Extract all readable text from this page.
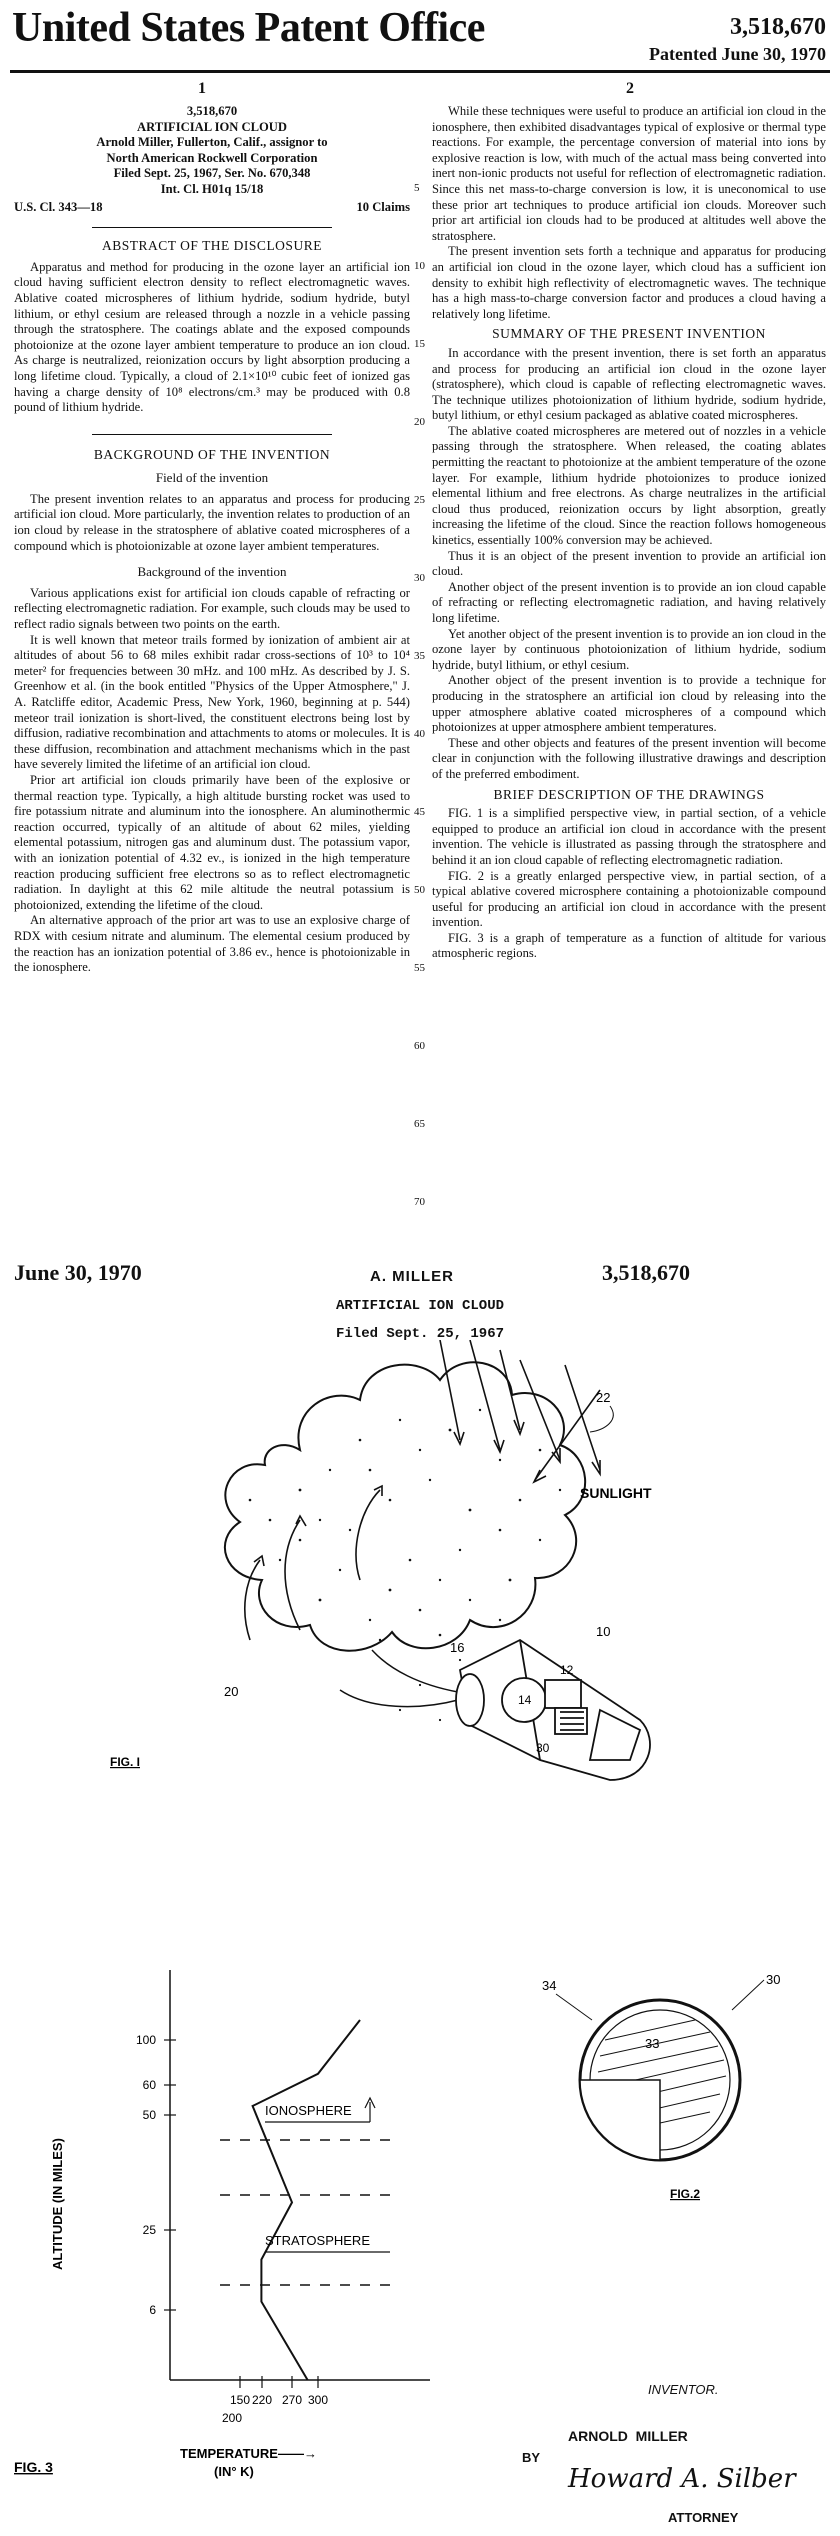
United States Patent Office	3,518,670
Patented June 30, 1970
1
3,518,670
ARTIFICIAL ION CLOUD
Arnold Miller, Fullerton, Calif., assignor to
North American Rockwell Corporation
Filed Sept. 25, 1967, Ser. No. 670,348
Int. Cl. H01q 15/18
U.S. Cl. 343—18	10 Claims
ABSTRACT OF THE DISCLOSURE

Apparatus and method for producing in the ozone layer an artificial ion cloud having sufficient electron density to reflect electromagnetic waves. Ablative coated microspheres of lithium hydride, sodium hydride, butyl lithium, or ethyl cesium are released through a nozzle in a vehicle passing through the stratosphere. The coatings ablate and the exposed compounds photoionize at the ozone layer ambient temperature to produce an ion cloud. As charge is neutralized, reionization occurs by light absorption producing a long lifetime cloud. Typically, a cloud of 2.1×10¹⁰ cubic feet of ionized gas having a charge density of 10⁸ electrons/cm.³ may be produced with 0.8 pound of lithium hydride.

BACKGROUND OF THE INVENTION
Field of the invention

The present invention relates to an apparatus and process for producing artificial ion cloud. More particularly, the invention relates to production of an ion cloud by release in the stratosphere of ablative coated microspheres of a compound which is photoionizable at ozone layer ambient temperatures.

Background of the invention

Various applications exist for artificial ion clouds capable of refracting or reflecting electromagnetic radiation. For example, such clouds may be used to reflect radio signals between two points on the earth.

It is well known that meteor trails formed by ionization of ambient air at altitudes of about 56 to 68 miles exhibit radar cross-sections of 10³ to 10⁴ meter² for frequencies between 30 mHz. and 100 mHz. As described by J. S. Greenhow et al. (in the book entitled "Physics of the Upper Atmosphere," J. A. Ratcliffe editor, Academic Press, New York, 1960, beginning at p. 544) meteor trail ionization is short-lived, the constituent electrons being lost by diffusion, radiative recombination and attachments to atoms or molecules. It is these diffusion, recombination and attachment mechanisms which in the past have severely limited the lifetime of an artificial ion cloud.

Prior art artificial ion clouds primarily have been of the explosive or thermal reaction type. Typically, a high altitude bursting rocket was used to fire potassium nitrate and aluminum into the ionosphere. An aluminothermic reaction occurred, typically of an altitude of about 62 miles, yielding elemental potassium, nitrogen gas and aluminum dust. The potassium vapor, with an ionization potential of 4.32 ev., is ionized in the high temperature reaction producing sufficient free electrons so as to reflect electromagnetic radiation. In daylight at this 62 mile altitude the neutral potassium is photoionized, extending the lifetime of the cloud.

An alternative approach of the prior art was to use an explosive charge of RDX with cesium nitrate and aluminum. The elemental cesium produced by the reaction has an ionization potential of 3.86 ev., hence is photoionizable in the ionosphere.

5
10
15
20
25
30
35
40
45
50
55
60
65
70
2

While these techniques were useful to produce an artificial ion cloud in the ionosphere, then exhibited disadvantages typical of explosive or thermal type reactions. For example, the percentage conversion of material into ions by explosive reaction is low, with much of the actual mass being converted into inert non-ionic products not useful for reflection of electromagnetic radiation. Since this net mass-to-charge conversion is low, it is uneconomical to use these prior art techniques to produce artificial ion clouds. Moreover such prior art artificial ion clouds had to be produced at altitudes well above the stratosphere.

The present invention sets forth a technique and apparatus for producing an artificial ion cloud in the ozone layer, which cloud has a sufficient ion density to exhibit high reflectivity of electromagnetic waves. The technique has a high mass-to-charge conversion factor and produces a cloud having a relatively long lifetime.

SUMMARY OF THE PRESENT INVENTION

In accordance with the present invention, there is set forth an apparatus and process for producing an artificial ion cloud in the ozone layer (stratosphere), which cloud is capable of reflecting electromagnetic waves. The technique utilizes photoionization of lithium hydride, sodium hydride, butyl lithium, or ethyl cesium packaged as ablative coated microspheres.

The ablative coated microspheres are metered out of nozzles in a vehicle passing through the stratosphere. When released, the coating ablates permitting the reactant to photoionize at the ambient temperature of the ozone layer. For example, lithium hydride photoionizes to produce ionized elemental lithium and free electrons. As charge neutralizes in the artificial cloud thus produced, reionization occurs by light absorption, greatly increasing the lifetime of the cloud. Since the reaction follows homogeneous kinetics, essentially 100% conversion may be achieved.

Thus it is an object of the present invention to provide an artificial ion cloud.

Another object of the present invention is to provide an ion cloud capable of refracting or reflecting electromagnetic radiation, and having relatively long lifetime.

Yet another object of the present invention is to provide an ion cloud in the ozone layer by continuous photoionization of lithium hydride, sodium hydride, butyl lithium, or ethyl cesium.

Another object of the present invention is to provide a technique for producing in the stratosphere an artificial ion cloud by releasing into the upper atmosphere ablative coated microspheres of a compound which photoionizes at upper atmosphere ambient temperatures.

These and other objects and features of the present invention will become clear in conjunction with the following illustrative drawings and description of the preferred embodiment.

BRIEF DESCRIPTION OF THE DRAWINGS

FIG. 1 is a simplified perspective view, in partial section, of a vehicle equipped to produce an artificial ion cloud in accordance with the present invention. The vehicle is illustrated as passing through the stratosphere and behind it an ion cloud capable of reflecting electromagnetic radiation.

FIG. 2 is a greatly enlarged perspective view, in partial section, of a typical ablative covered microsphere containing a photoionizable compound useful for producing an artificial ion cloud in accordance with the present invention.

FIG. 3 is a graph of temperature as a function of altitude for various atmospheric regions.

June 30, 1970	A. MILLER	3,518,670
ARTIFICIAL ION CLOUD
Filed Sept. 25, 1967
SUNLIGHT
22
16
10
14
12
20
30
FIG. I
100
60
50
25
6
150 220 270 300
IONOSPHERE
STRATOSPHERE
ALTITUDE (IN MILES)
200
TEMPERATURE——→
(IN° K)
FIG. 3
34	30
33
FIG.2
INVENTOR.
ARNOLD  MILLER
BY
Howard A. Silber
ATTORNEY
